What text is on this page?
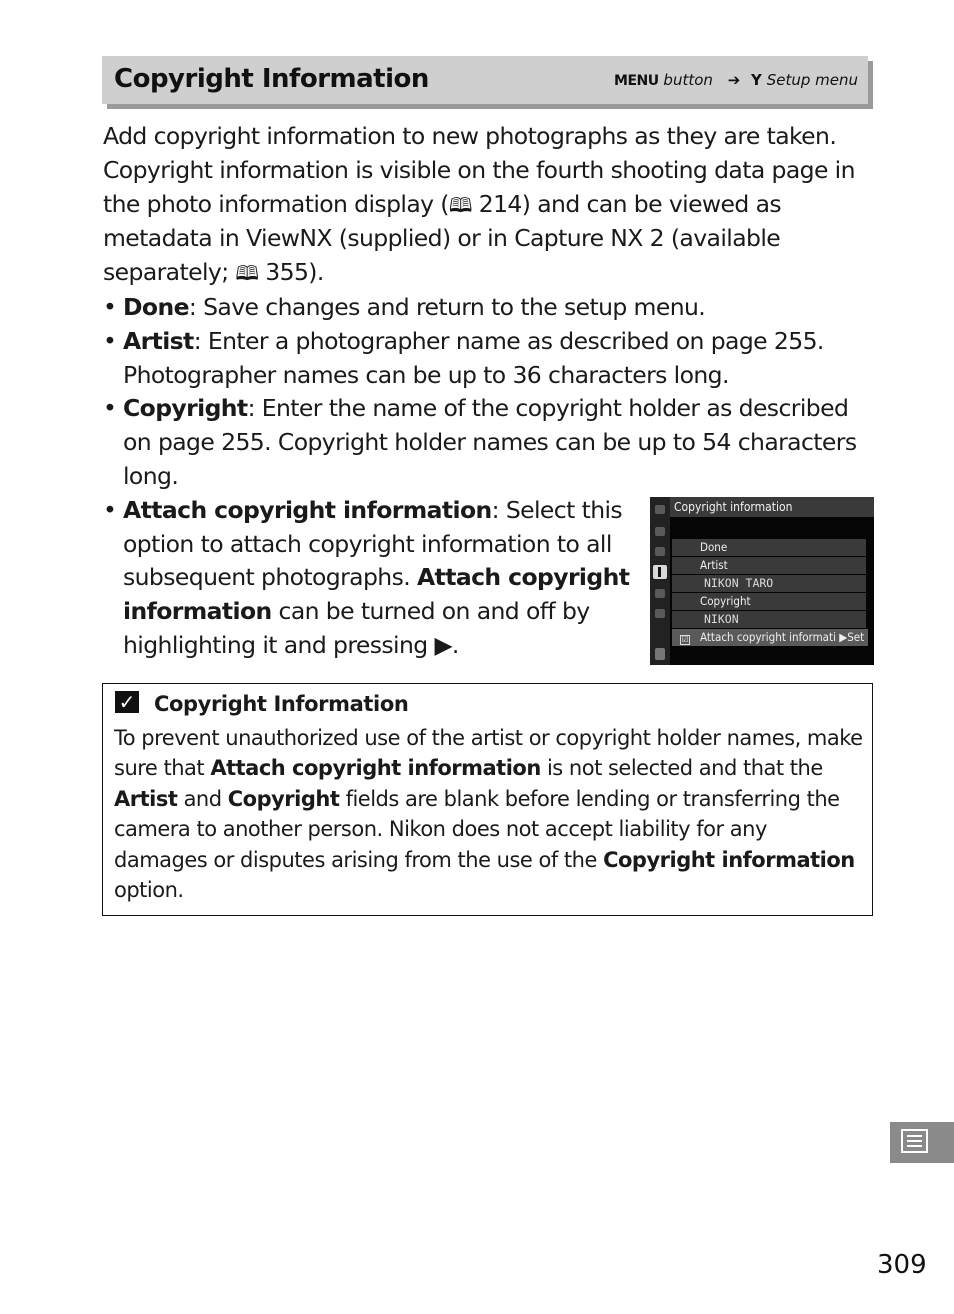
Copyright Information	MENU button ➔ Y Setup menu

Add copyright information to new photographs as they are taken. Copyright information is visible on the fourth shooting data page in the photo information display (🕮 214) and can be viewed as metadata in ViewNX (supplied) or in Capture NX 2 (available separately; 🕮 355).

• Done: Save changes and return to the setup menu.
• Artist: Enter a photographer name as described on page 255. Photographer names can be up to 36 characters long.
• Copyright: Enter the name of the copyright holder as described on page 255. Copyright holder names can be up to 54 characters long.
• Attach copyright information: Select this option to attach copyright information to all subsequent photographs. Attach copyright information can be turned on and off by highlighting it and pressing ▶.
Copyright information
Done
Artist
NIKON TARO
Copyright
NIKON
☑ Attach copyright informati ▶Set
✓ Copyright Information

To prevent unauthorized use of the artist or copyright holder names, make sure that Attach copyright information is not selected and that the Artist and Copyright fields are blank before lending or transferring the camera to another person. Nikon does not accept liability for any damages or disputes arising from the use of the Copyright information option.

309
